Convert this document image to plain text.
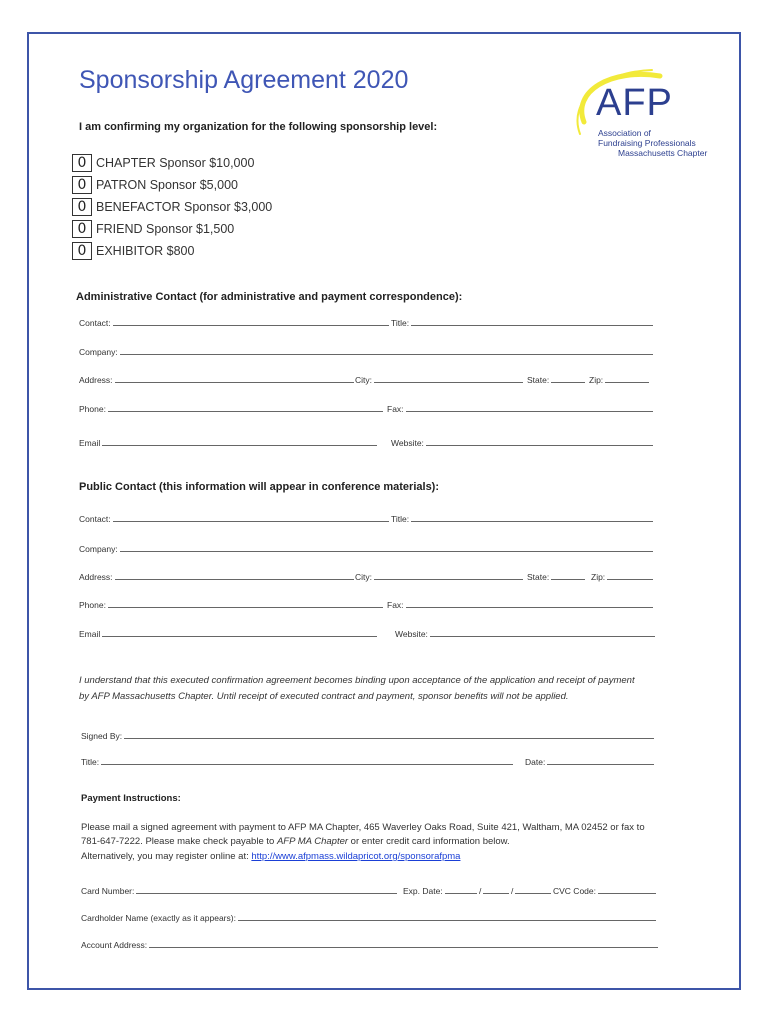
Sponsorship Agreement 2020
I am confirming my organization for the following sponsorship level:
AFP
Association of
Fundraising Professionals
Massachusetts Chapter
0 CHAPTER Sponsor $10,000
0 PATRON Sponsor $5,000
0 BENEFACTOR Sponsor $3,000
0 FRIEND Sponsor $1,500
0 EXHIBITOR $800
Administrative Contact (for administrative and payment correspondence):
Contact:	Title:
Company:
Address:	City:	State:	Zip:
Phone:	Fax:
Email	Website:
Public Contact (this information will appear in conference materials):
Contact:	Title:
Company:
Address:	City:	State:	Zip:
Phone:	Fax:
Email	Website:
I understand that this executed confirmation agreement becomes binding upon acceptance of the application and receipt of payment
by AFP Massachusetts Chapter. Until receipt of executed contract and payment, sponsor benefits will not be applied.
Signed By:
Title:	Date:
Payment Instructions:
Please mail a signed agreement with payment to AFP MA Chapter, 465 Waverley Oaks Road, Suite 421, Waltham, MA 02452 or fax to
781-647-7222. Please make check payable to AFP MA Chapter or enter credit card information below.
Alternatively, you may register online at: http://www.afpmass.wildapricot.org/sponsorafpma
Card Number:	Exp. Date:	/	/	CVC Code:
Cardholder Name (exactly as it appears):
Account Address:
